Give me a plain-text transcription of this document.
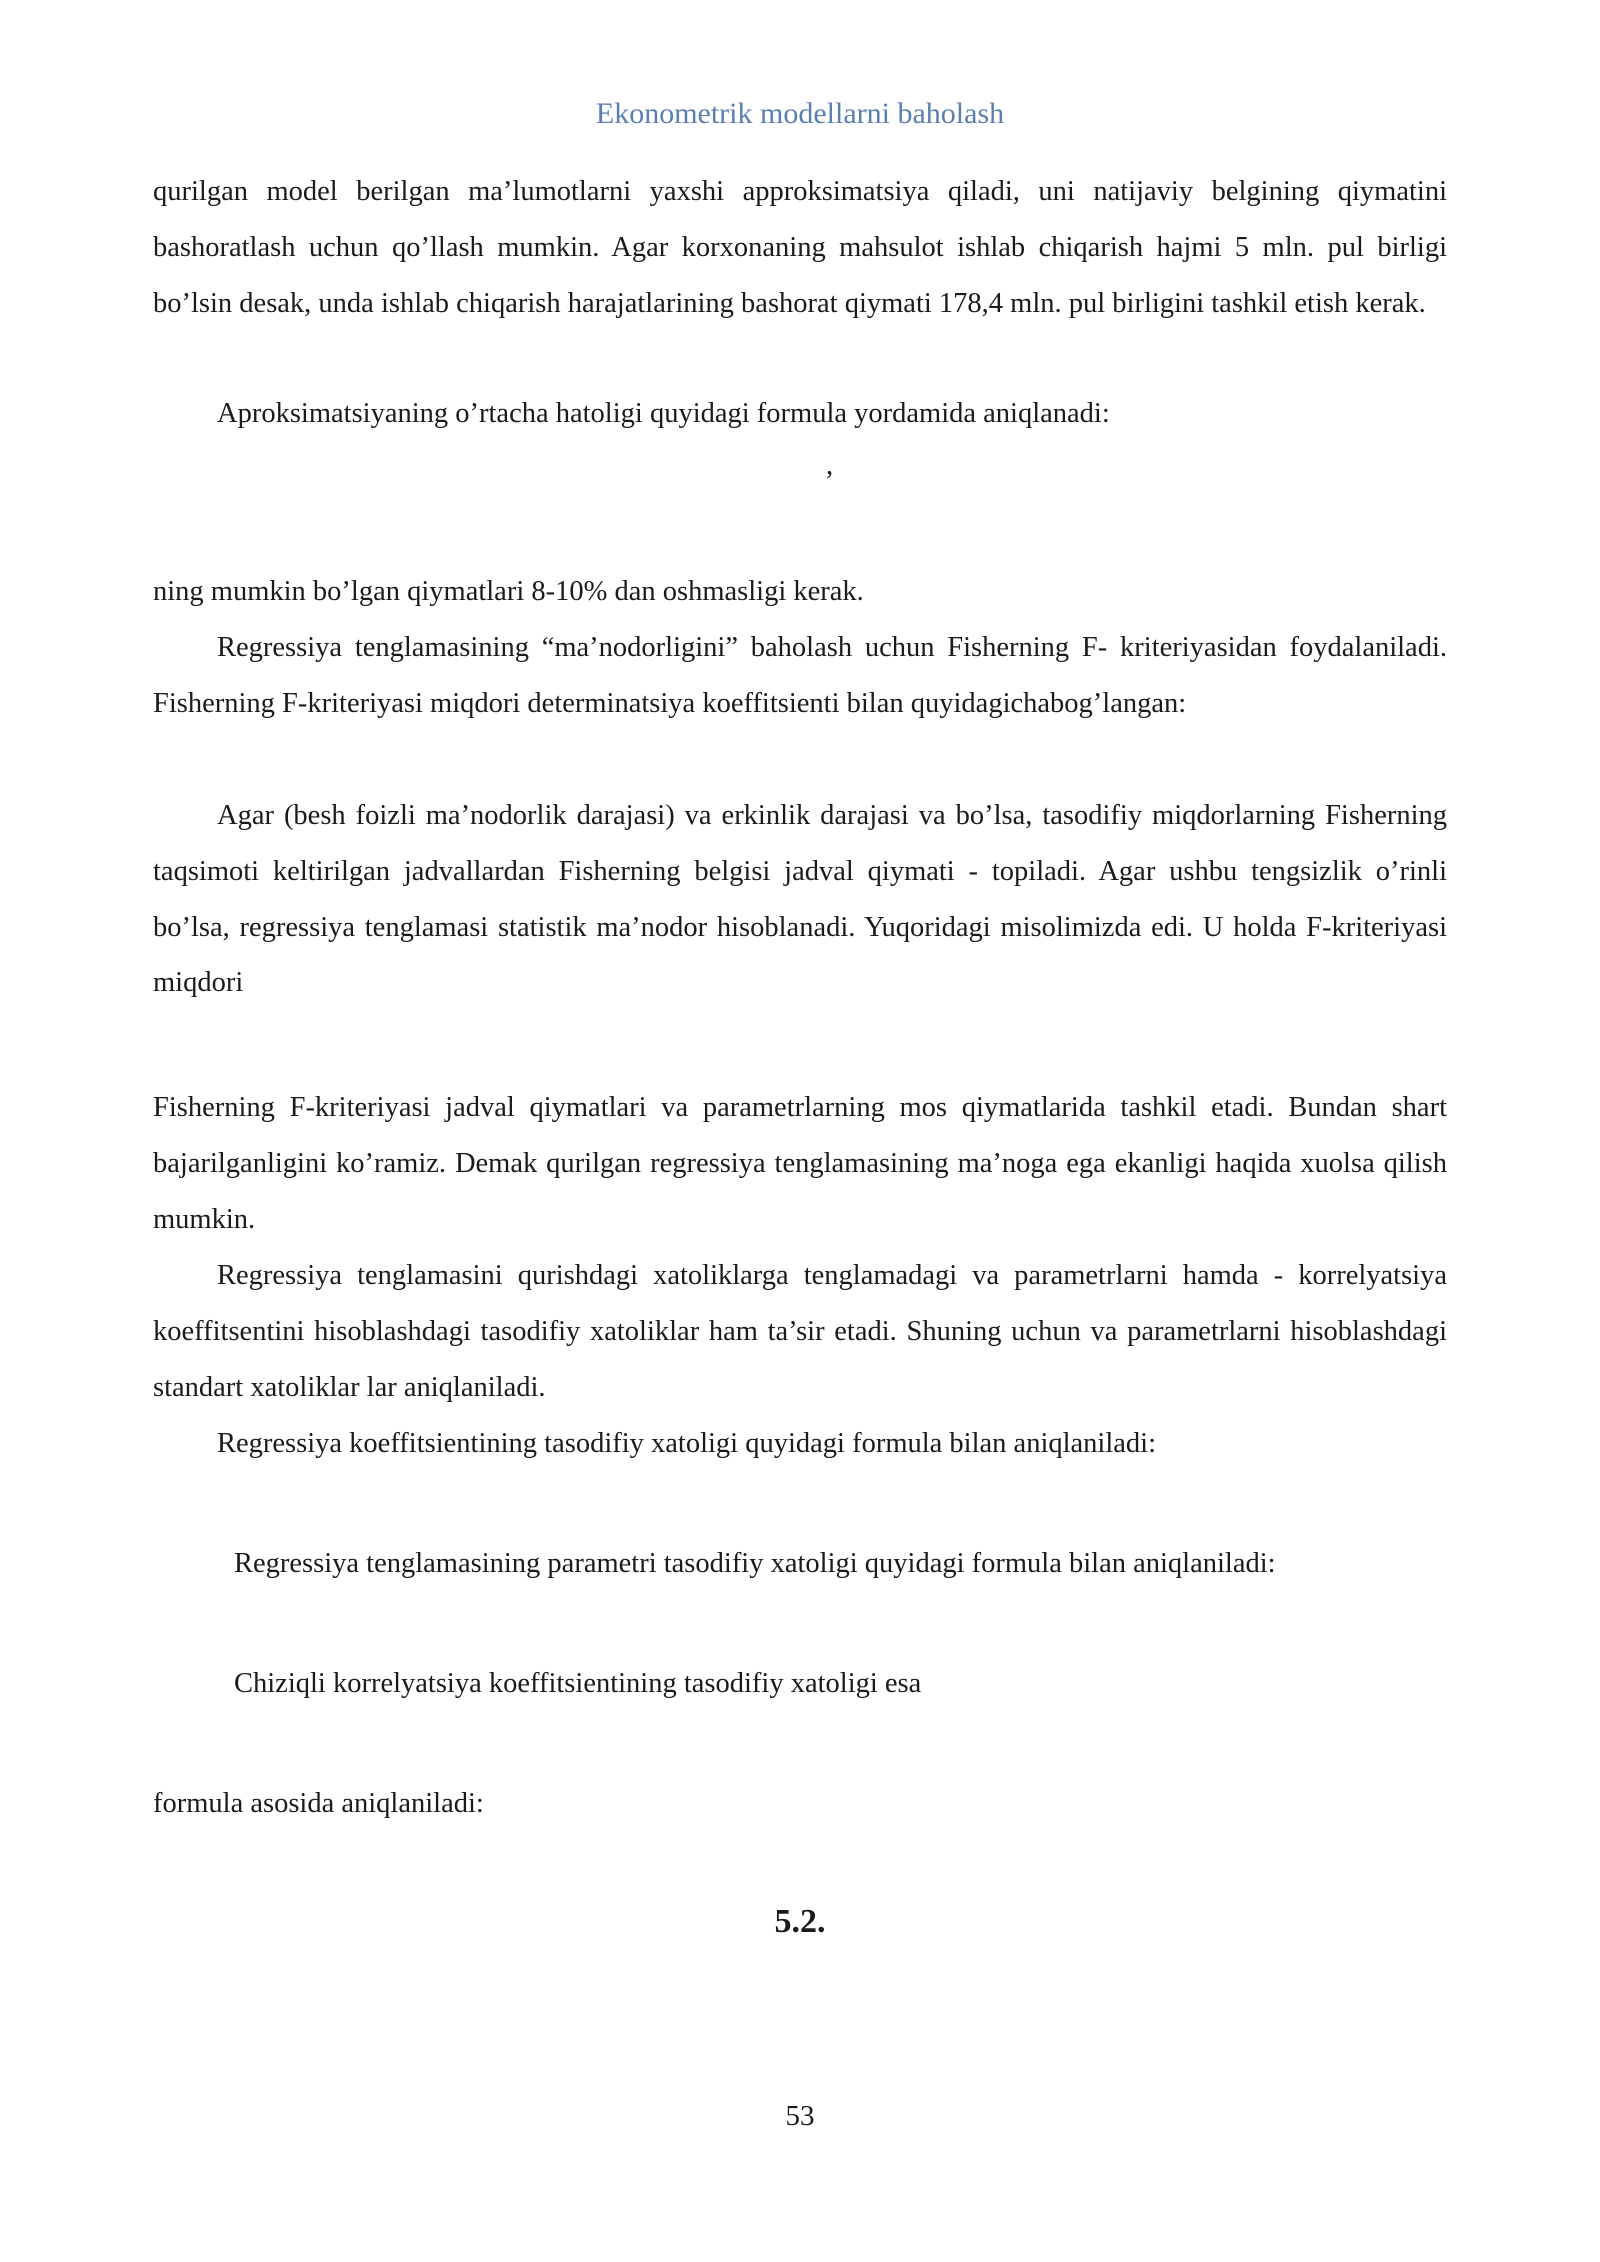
Ekonometrik modellarni baholash
qurilgan model berilgan ma’lumotlarni yaxshi approksimatsiya qiladi, uni natijaviy belgining qiymatini bashoratlash uchun qo’llash mumkin. Agar korxonaning mahsulot ishlab chiqarish hajmi 5 mln. pul birligi bo’lsin desak, unda ishlab chiqarish harajatlarining bashorat qiymati 178,4 mln. pul birligini tashkil etish kerak.
Aproksimatsiyaning o’rtacha hatoligi quyidagi formula yordamida aniqlanadi:
,
ning mumkin bo’lgan qiymatlari 8-10% dan oshmasligi kerak.
Regressiya tenglamasining “ma’nodorligini” baholash uchun Fisherning F- kriteriyasidan foydalaniladi. Fisherning F-kriteriyasi miqdori determinatsiya koeffitsienti bilan quyidagichabog’langan:
Agar (besh foizli ma’nodorlik darajasi) va erkinlik darajasi va bo’lsa, tasodifiy miqdorlarning Fisherning taqsimoti keltirilgan jadvallardan Fisherning belgisi jadval qiymati - topiladi. Agar ushbu tengsizlik o’rinli bo’lsa, regressiya tenglamasi statistik ma’nodor hisoblanadi. Yuqoridagi misolimizda edi. U holda F-kriteriyasi miqdori
Fisherning F-kriteriyasi jadval qiymatlari va parametrlarning mos qiymatlarida tashkil etadi. Bundan shart bajarilganligini ko’ramiz. Demak qurilgan regressiya tenglamasining ma’noga ega ekanligi haqida xuolsa qilish mumkin.
Regressiya tenglamasini qurishdagi xatoliklarga tenglamadagi va parametrlarni hamda - korrelyatsiya koeffitsentini hisoblashdagi tasodifiy xatoliklar ham ta’sir etadi. Shuning uchun va parametrlarni hisoblashdagi standart xatoliklar lar aniqlaniladi.
Regressiya koeffitsientining tasodifiy xatoligi quyidagi formula bilan aniqlaniladi:
Regressiya tenglamasining parametri tasodifiy xatoligi quyidagi formula bilan aniqlaniladi:
Chiziqli korrelyatsiya koeffitsientining tasodifiy xatoligi esa
formula asosida aniqlaniladi:
5.2.
53
